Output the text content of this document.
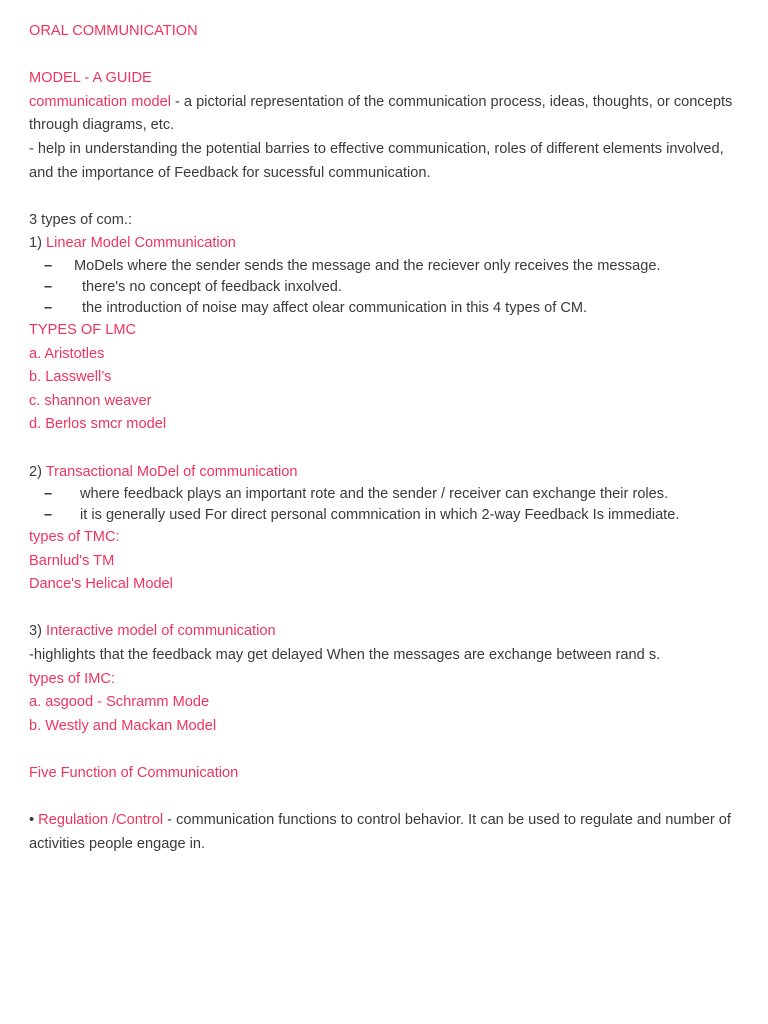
ORAL COMMUNICATION
MODEL - A GUIDE
communication model - a pictorial representation of the communication process, ideas, thoughts, or concepts through diagrams, etc.
- help in understanding the potential barries to effective communication, roles of different elements involved, and the importance of Feedback for sucessful communication.
3 types of com.:
1) Linear Model Communication
– MoDels where the sender sends the message and the reciever only receives the message.
– there's no concept of feedback inxolved.
– the introduction of noise may affect olear communication in this 4 types of CM.
TYPES OF LMC
a. Aristotles
b. Lasswell’s
c. shannon weaver
d. Berlos smcr model
2) Transactional MoDel of communication
– where feedback plays an important rote and the sender / receiver can exchange their roles.
– it is generally used For direct personal commnication in which 2-way Feedback Is immediate.
types of TMC:
Barnlud's TM
Dance's Helical Model
3) Interactive model of communication
-highlights that the feedback may get delayed When the messages are exchange between rand s.
types of IMC:
a. asgood - Schramm Mode
b. Westly and Mackan Model
Five Function of Communication
• Regulation /Control - communication functions to control behavior. It can be used to regulate and number of activities people engage in.
